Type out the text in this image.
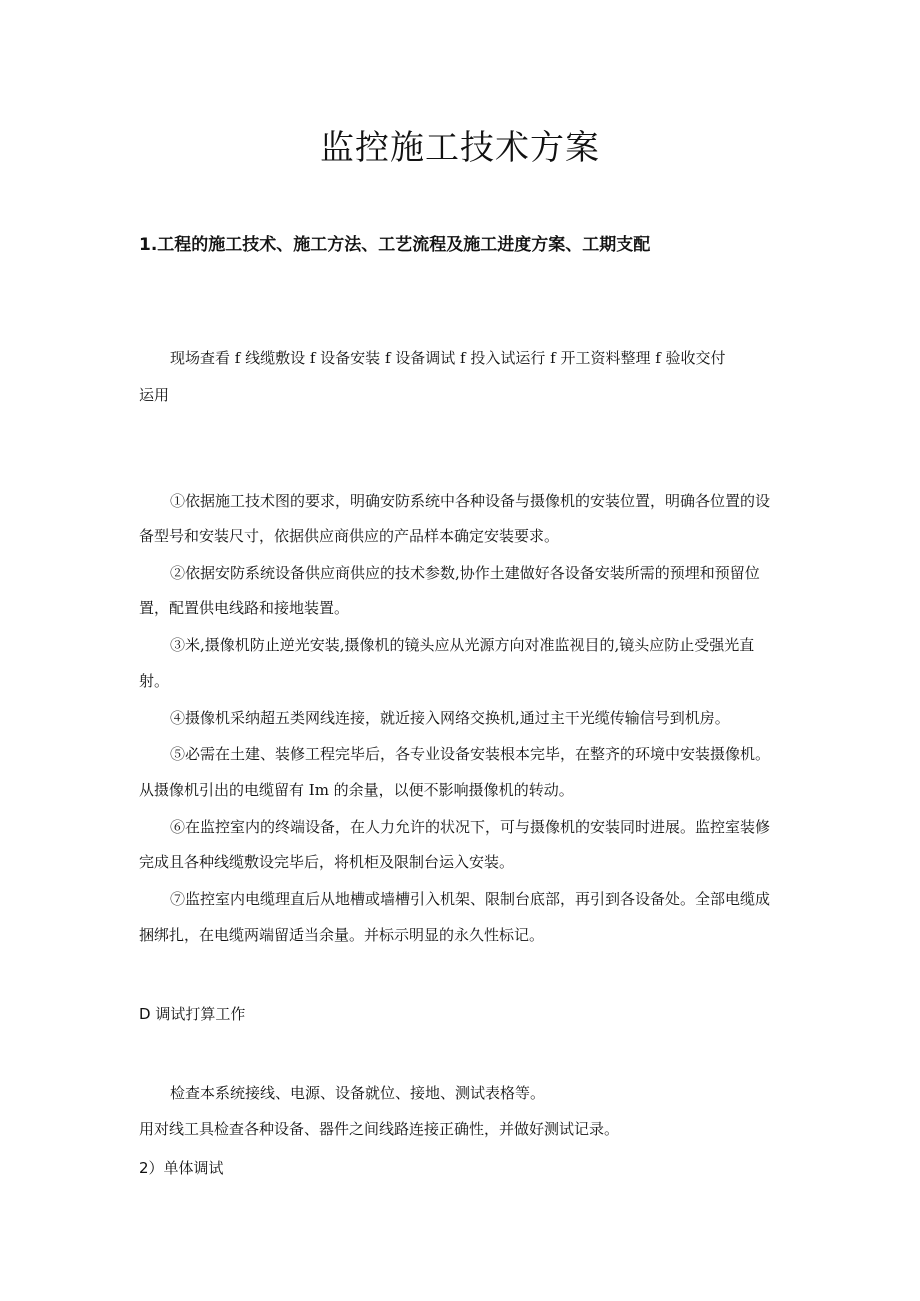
监控施工技术方案
1.工程的施工技术、施工方法、工艺流程及施工进度方案、工期支配

现场查看 f 线缆敷设 f 设备安装 f 设备调试 f 投入试运行 f 开工资料整理 f 验收交付

运用

①依据施工技术图的要求，明确安防系统中各种设备与摄像机的安装位置，明确各位置的设

备型号和安装尺寸，依据供应商供应的产品样本确定安装要求。

②依据安防系统设备供应商供应的技术参数,协作土建做好各设备安装所需的预埋和预留位

置，配置供电线路和接地装置。

③米,摄像机防止逆光安装,摄像机的镜头应从光源方向对准监视目的,镜头应防止受强光直

射。

④摄像机采纳超五类网线连接，就近接入网络交换机,通过主干光缆传输信号到机房。

⑤必需在土建、装修工程完毕后，各专业设备安装根本完毕，在整齐的环境中安装摄像机。

从摄像机引出的电缆留有 Im 的余量，以便不影响摄像机的转动。

⑥在监控室内的终端设备，在人力允许的状况下，可与摄像机的安装同时进展。监控室装修

完成且各种线缆敷设完毕后，将机柜及限制台运入安装。

⑦监控室内电缆理直后从地槽或墙槽引入机架、限制台底部，再引到各设备处。全部电缆成

捆绑扎，在电缆两端留适当余量。并标示明显的永久性标记。

D 调试打算工作

检查本系统接线、电源、设备就位、接地、测试表格等。

用对线工具检查各种设备、器件之间线路连接正确性，并做好测试记录。

2）单体调试
